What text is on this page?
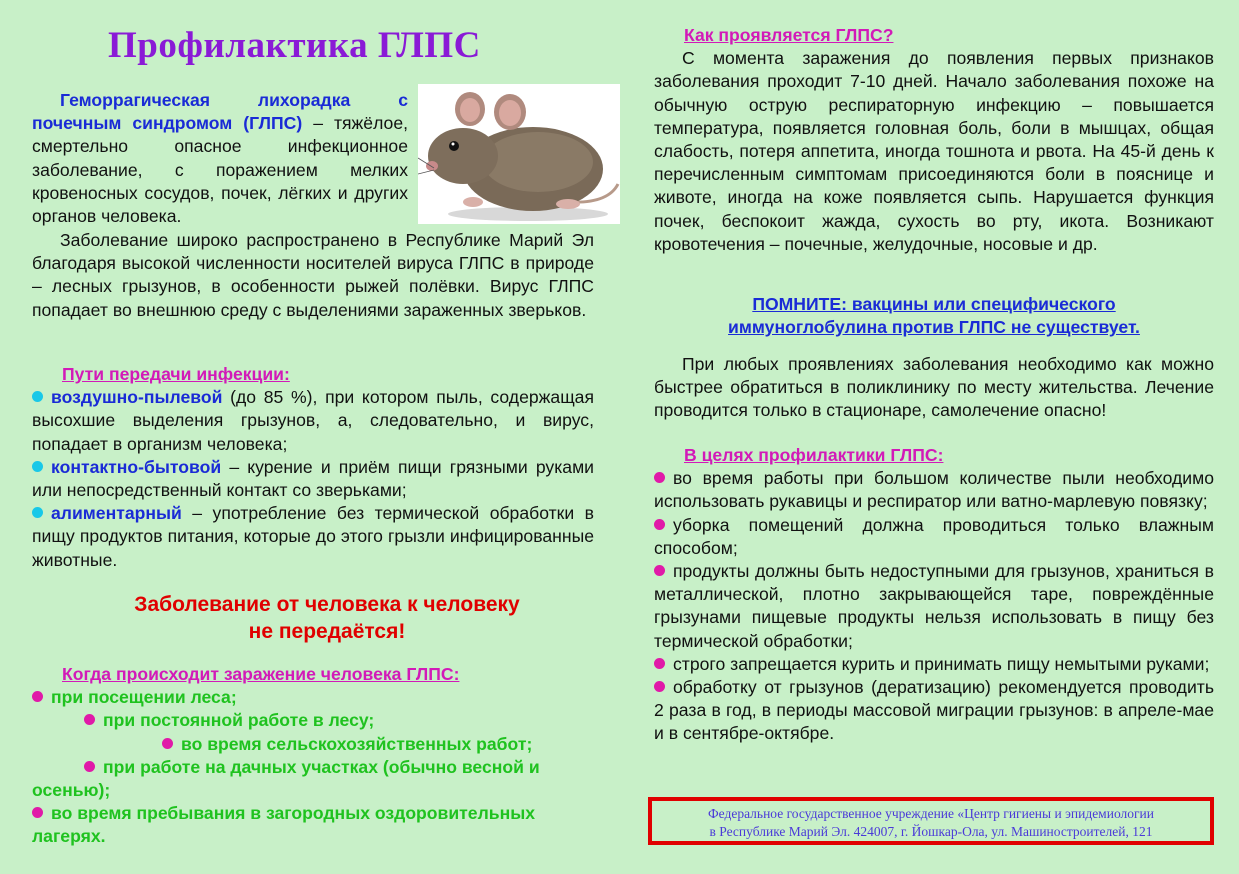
Профилактика ГЛПС

Геморрагическая лихорадка с почечным синдромом (ГЛПС) – тяжёлое, смертельно опасное инфекционное заболевание, с поражением мелких кровеносных сосудов, почек, лёгких и других органов человека.

Заболевание широко распространено в Республике Марий Эл благодаря высокой численности носителей вируса ГЛПС в природе – лесных грызунов, в особенности рыжей полёвки. Вирус ГЛПС попадает во внешнюю среду с выделениями зараженных зверьков.

Пути передачи инфекции:

воздушно-пылевой (до 85 %), при котором пыль, содержащая высохшие выделения грызунов, а, следовательно, и вирус, попадает в организм человека;

контактно-бытовой – курение и приём пищи грязными руками или непосредственный контакт со зверьками;

алиментарный – употребление без термической обработки в пищу продуктов питания, которые до этого грызли инфицированные животные.

Заболевание от человека к человеку
не передаётся!

Когда происходит заражение человека ГЛПС:

при посещении леса;

при постоянной работе в лесу;

во время сельскохозяйственных работ;

при работе на дачных участках (обычно весной и осенью);

во время пребывания в загородных оздоровительных лагерях.

Как проявляется ГЛПС?

С момента заражения до появления первых признаков заболевания проходит 7-10 дней. Начало заболевания похоже на обычную острую респираторную инфекцию – повышается температура, появляется головная боль, боли в мышцах, общая слабость, потеря аппетита, иногда тошнота и рвота. На 45-й день к перечисленным симптомам присоединяются боли в пояснице и животе, иногда на коже появляется сыпь. Нарушается функция почек, беспокоит жажда, сухость во рту, икота. Возникают кровотечения – почечные, желудочные, носовые и др.

ПОМНИТЕ: вакцины или специфического
иммуноглобулина против ГЛПС не существует.

При любых проявлениях заболевания необходимо как можно быстрее обратиться в поликлинику по месту жительства. Лечение проводится только в стационаре, самолечение опасно!

В целях профилактики ГЛПС:

во время работы при большом количестве пыли необходимо использовать рукавицы и респиратор или ватно-марлевую повязку;

уборка помещений должна проводиться только влажным способом;

продукты должны быть недоступными для грызунов, храниться в металлической, плотно закрывающейся таре, повреждённые грызунами пищевые продукты нельзя использовать в пищу без термической обработки;

строго запрещается курить и принимать пищу немытыми руками;

обработку от грызунов (дератизацию) рекомендуется проводить 2 раза в год, в периоды массовой миграции грызунов: в апреле-мае и в сентябре-октябре.

Федеральное государственное учреждение «Центр гигиены и эпидемиологии
в Республике Марий Эл. 424007, г. Йошкар-Ола, ул. Машиностроителей, 121
